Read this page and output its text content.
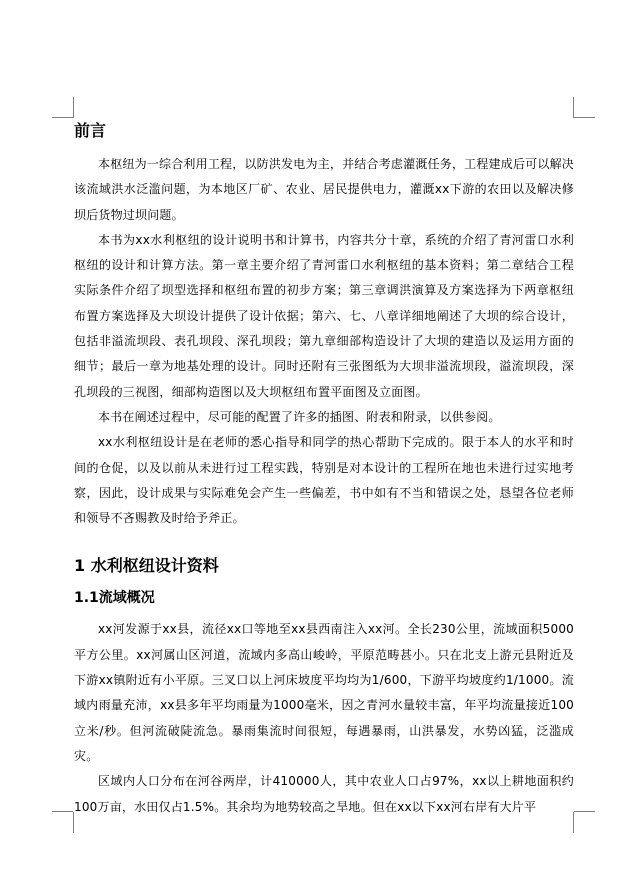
前言

本枢纽为一综合利用工程，以防洪发电为主，并结合考虑灌溉任务，工程建成后可以解决该流域洪水泛滥问题，为本地区厂矿、农业、居民提供电力，灌溉xx下游的农田以及解决修坝后货物过坝问题。

本书为xx水利枢纽的设计说明书和计算书，内容共分十章，系统的介绍了青河雷口水利枢纽的设计和计算方法。第一章主要介绍了青河雷口水利枢纽的基本资料；第二章结合工程实际条件介绍了坝型选择和枢纽布置的初步方案；第三章调洪演算及方案选择为下两章枢纽布置方案选择及大坝设计提供了设计依据；第六、七、八章详细地阐述了大坝的综合设计，包括非溢流坝段、表孔坝段、深孔坝段；第九章细部构造设计了大坝的建造以及运用方面的细节；最后一章为地基处理的设计。同时还附有三张图纸为大坝非溢流坝段，溢流坝段，深孔坝段的三视图，细部构造图以及大坝枢纽布置平面图及立面图。

本书在阐述过程中，尽可能的配置了许多的插图、附表和附录，以供参阅。

xx水利枢纽设计是在老师的悉心指导和同学的热心帮助下完成的。限于本人的水平和时间的仓促，以及以前从未进行过工程实践，特别是对本设计的工程所在地也未进行过实地考察，因此，设计成果与实际难免会产生一些偏差，书中如有不当和错误之处，恳望各位老师和领导不吝赐教及时给予斧正。

1 水利枢纽设计资料
1.1流域概况

xx河发源于xx县，流径xx口等地至xx县西南注入xx河。全长230公里，流域面积5000平方公里。xx河属山区河道，流域内多高山峻岭，平原范畴甚小。只在北支上游元县附近及下游xx镇附近有小平原。三叉口以上河床坡度平均均为1/600，下游平均坡度约1/1000。流域内雨量充沛，xx县多年平均雨量为1000毫米，因之青河水量较丰富，年平均流量接近100立米/秒。但河流破陡流急。暴雨集流时间很短，每遇暴雨，山洪暴发，水势凶猛，泛滥成灾。

区域内人口分布在河谷两岸，计410000人，其中农业人口占97%，xx以上耕地面积约100万亩，水田仅占1.5%。其余均为地势较高之旱地。但在xx以下xx河右岸有大片平
